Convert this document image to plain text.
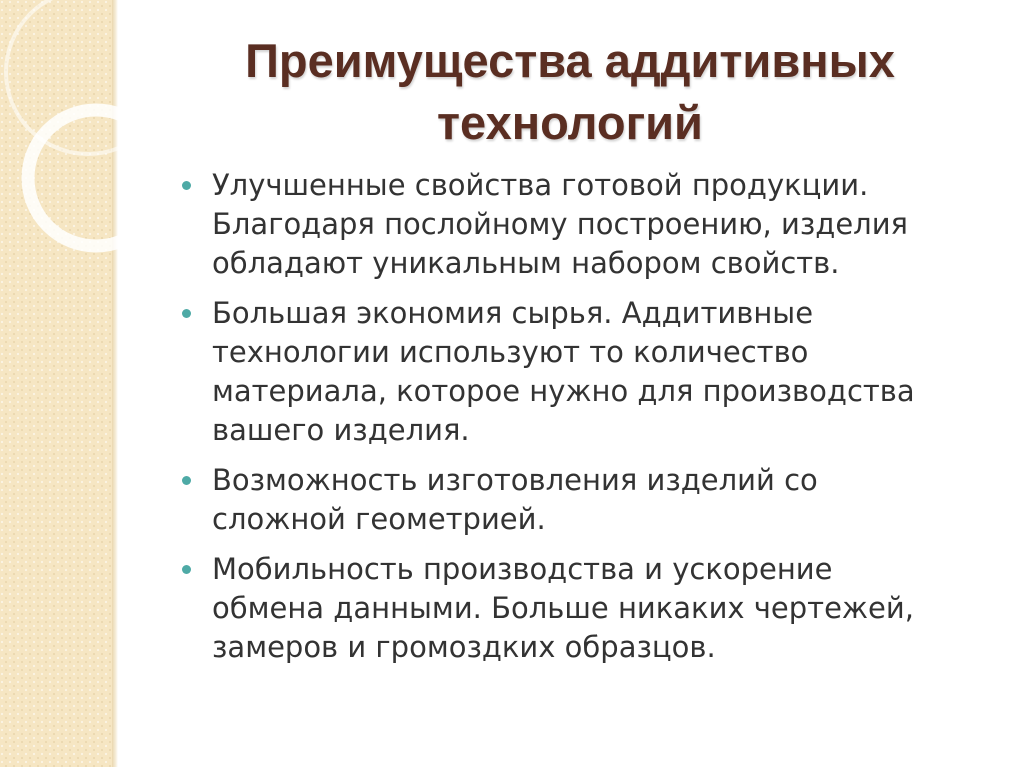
Преимущества аддитивных
технологий
Улучшенные свойства готовой продукции.
Благодаря послойному построению, изделия
обладают уникальным набором свойств.
Большая экономия сырья. Аддитивные
технологии используют то количество
материала, которое нужно для производства
вашего изделия.
Возможность изготовления изделий со
сложной геометрией.
Мобильность производства и ускорение
обмена данными. Больше никаких чертежей,
замеров и громоздких образцов.
